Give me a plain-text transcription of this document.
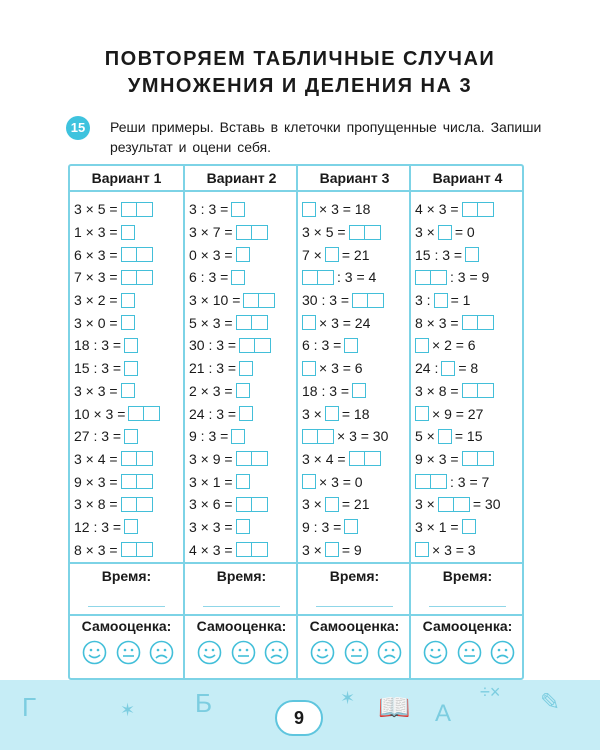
ПОВТОРЯЕМ ТАБЛИЧНЫЕ СЛУЧАИ
УМНОЖЕНИЯ И ДЕЛЕНИЯ НА 3
15	Реши примеры. Вставь в клеточки пропущенные числа. Запиши результат и оцени себя.

Вариант 1
3 × 5 =
1 × 3 =
6 × 3 =
7 × 3 =
3 × 2 =
3 × 0 =
18 : 3 =
15 : 3 =
3 × 3 =
10 × 3 =
27 : 3 =
3 × 4 =
9 × 3 =
3 × 8 =
12 : 3 =
8 × 3 =
Время:
Самооценка:
Вариант 2
3 : 3 =
3 × 7 =
0 × 3 =
6 : 3 =
3 × 10 =
5 × 3 =
30 : 3 =
21 : 3 =
2 × 3 =
24 : 3 =
9 : 3 =
3 × 9 =
3 × 1 =
3 × 6 =
3 × 3 =
4 × 3 =
Время:
Самооценка:
Вариант 3
× 3 = 18
3 × 5 =
7 × = 21
: 3 = 4
30 : 3 =
× 3 = 24
6 : 3 =
× 3 = 6
18 : 3 =
3 × = 18
× 3 = 30
3 × 4 =
× 3 = 0
3 × = 21
9 : 3 =
3 × = 9
Время:
Самооценка:
Вариант 4
4 × 3 =
3 × = 0
15 : 3 =
: 3 = 9
3 : = 1
8 × 3 =
× 2 = 6
24 : = 8
3 × 8 =
× 9 = 27
5 × = 15
9 × 3 =
: 3 = 7
3 ×	= 30
3 × 1 =
× 3 = 3
Время:
Самооценка:
Г	✶ Б	✶ 📖 А
÷× ✎
9
